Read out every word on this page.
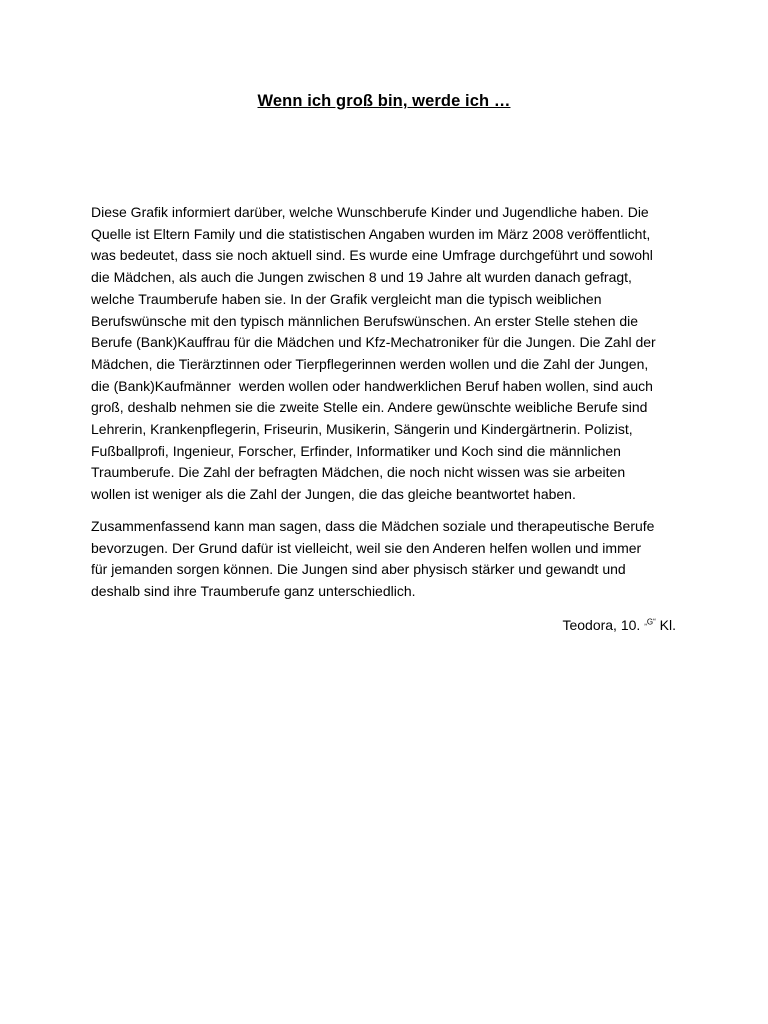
Wenn ich groß bin, werde ich …

Diese Grafik informiert darüber, welche Wunschberufe Kinder und Jugendliche haben. Die
Quelle ist Eltern Family und die statistischen Angaben wurden im März 2008 veröffentlicht,
was bedeutet, dass sie noch aktuell sind. Es wurde eine Umfrage durchgeführt und sowohl
die Mädchen, als auch die Jungen zwischen 8 und 19 Jahre alt wurden danach gefragt,
welche Traumberufe haben sie. In der Grafik vergleicht man die typisch weiblichen
Berufswünsche mit den typisch männlichen Berufswünschen. An erster Stelle stehen die
Berufe (Bank)Kauffrau für die Mädchen und Kfz-Mechatroniker für die Jungen. Die Zahl der
Mädchen, die Tierärztinnen oder Tierpflegerinnen werden wollen und die Zahl der Jungen,
die (Bank)Kaufmänner  werden wollen oder handwerklichen Beruf haben wollen, sind auch
groß, deshalb nehmen sie die zweite Stelle ein. Andere gewünschte weibliche Berufe sind
Lehrerin, Krankenpflegerin, Friseurin, Musikerin, Sängerin und Kindergärtnerin. Polizist,
Fußballprofi, Ingenieur, Forscher, Erfinder, Informatiker und Koch sind die männlichen
Traumberufe. Die Zahl der befragten Mädchen, die noch nicht wissen was sie arbeiten
wollen ist weniger als die Zahl der Jungen, die das gleiche beantwortet haben.

Zusammenfassend kann man sagen, dass die Mädchen soziale und therapeutische Berufe
bevorzugen. Der Grund dafür ist vielleicht, weil sie den Anderen helfen wollen und immer
für jemanden sorgen können. Die Jungen sind aber physisch stärker und gewandt und
deshalb sind ihre Traumberufe ganz unterschiedlich.

Teodora, 10. $^{„G“}$ Kl.
